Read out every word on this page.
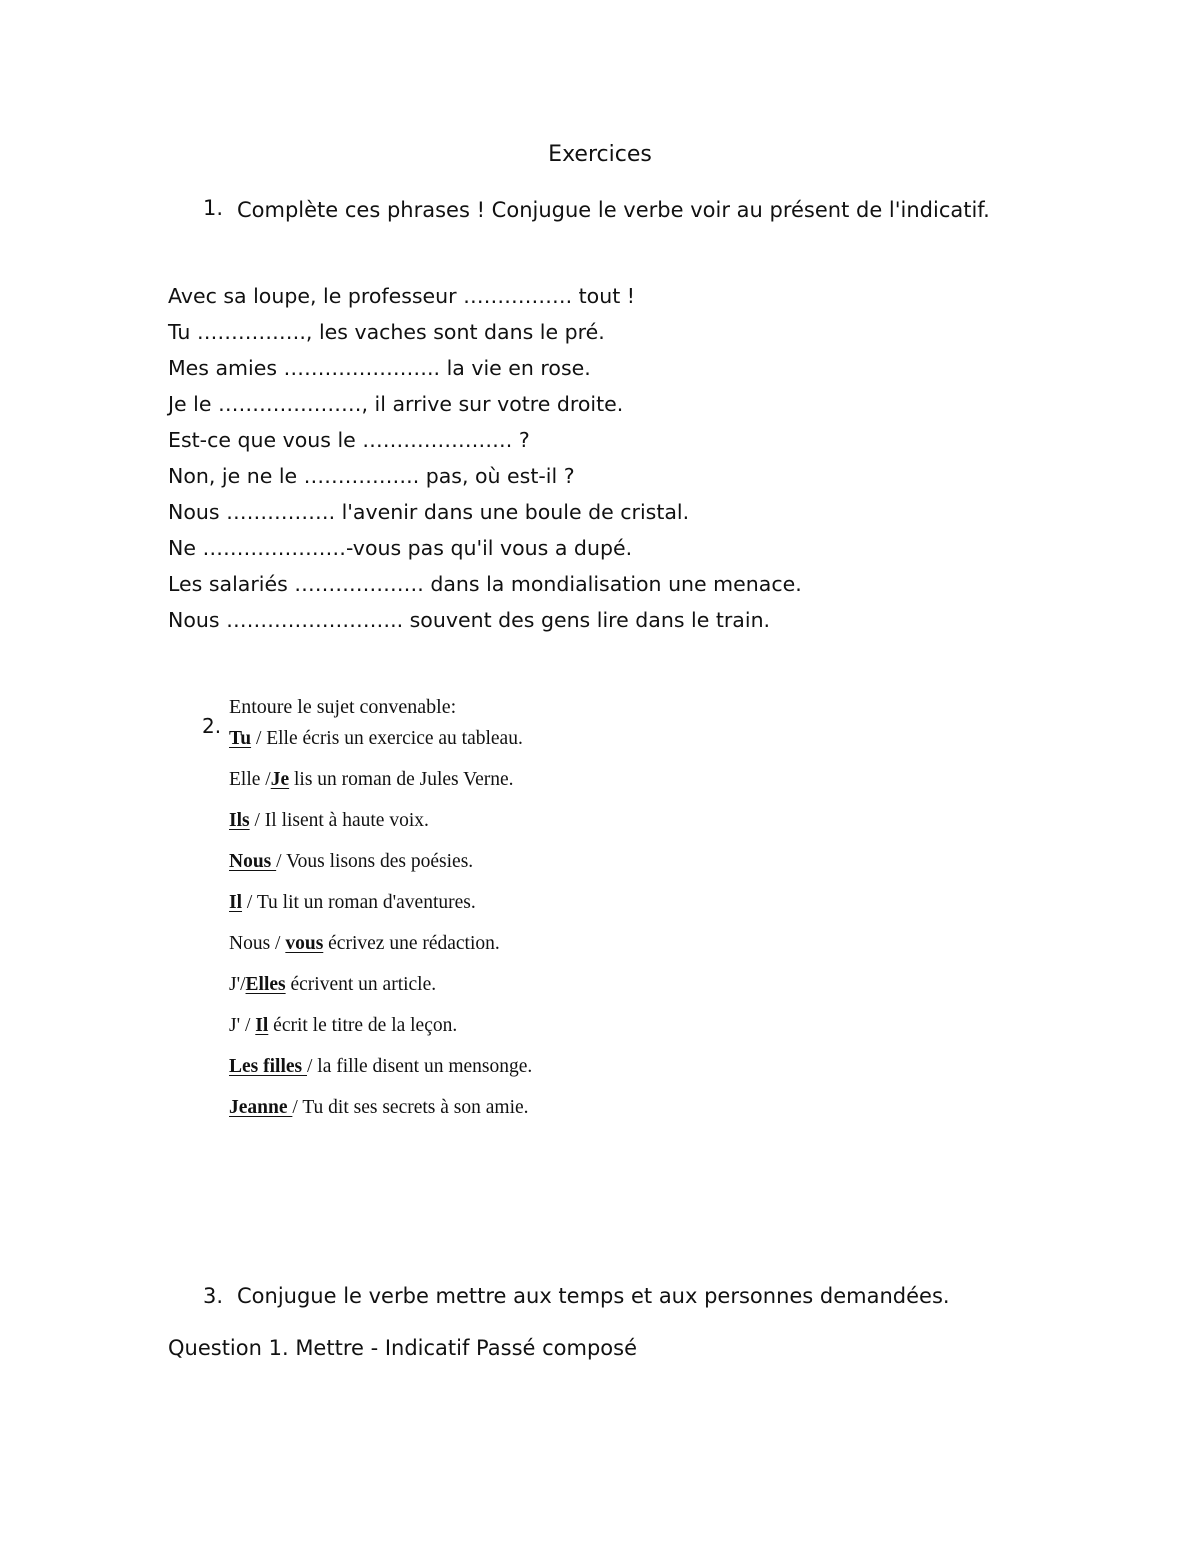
Exercices
1. Complète ces phrases ! Conjugue le verbe voir au présent de l'indicatif.
Avec sa loupe, le professeur ……………. tout !
Tu ……………., les vaches sont dans le pré.
Mes amies ………………….. la vie en rose.
Je le …………………, il arrive sur votre droite.
Est-ce que vous le …………………. ?
Non, je ne le …………….. pas, où est-il ?
Nous ……………. l'avenir dans une boule de cristal.
Ne …………………-vous pas qu'il vous a dupé.
Les salariés ………………. dans la mondialisation une menace.
Nous …………………….. souvent des gens lire dans le train.
2.
Entoure le sujet convenable:
Tu / Elle écris un exercice au tableau.
Elle /Je lis un roman de Jules Verne.
Ils / Il lisent à haute voix.
Nous / Vous lisons des poésies.
Il / Tu lit un roman d'aventures.
Nous / vous écrivez une rédaction.
J'/Elles écrivent un article.
J' / Il écrit le titre de la leçon.
Les filles / la fille disent un mensonge.
Jeanne / Tu dit ses secrets à son amie.
3. Conjugue le verbe mettre aux temps et aux personnes demandées.
Question 1. Mettre - Indicatif Passé composé
